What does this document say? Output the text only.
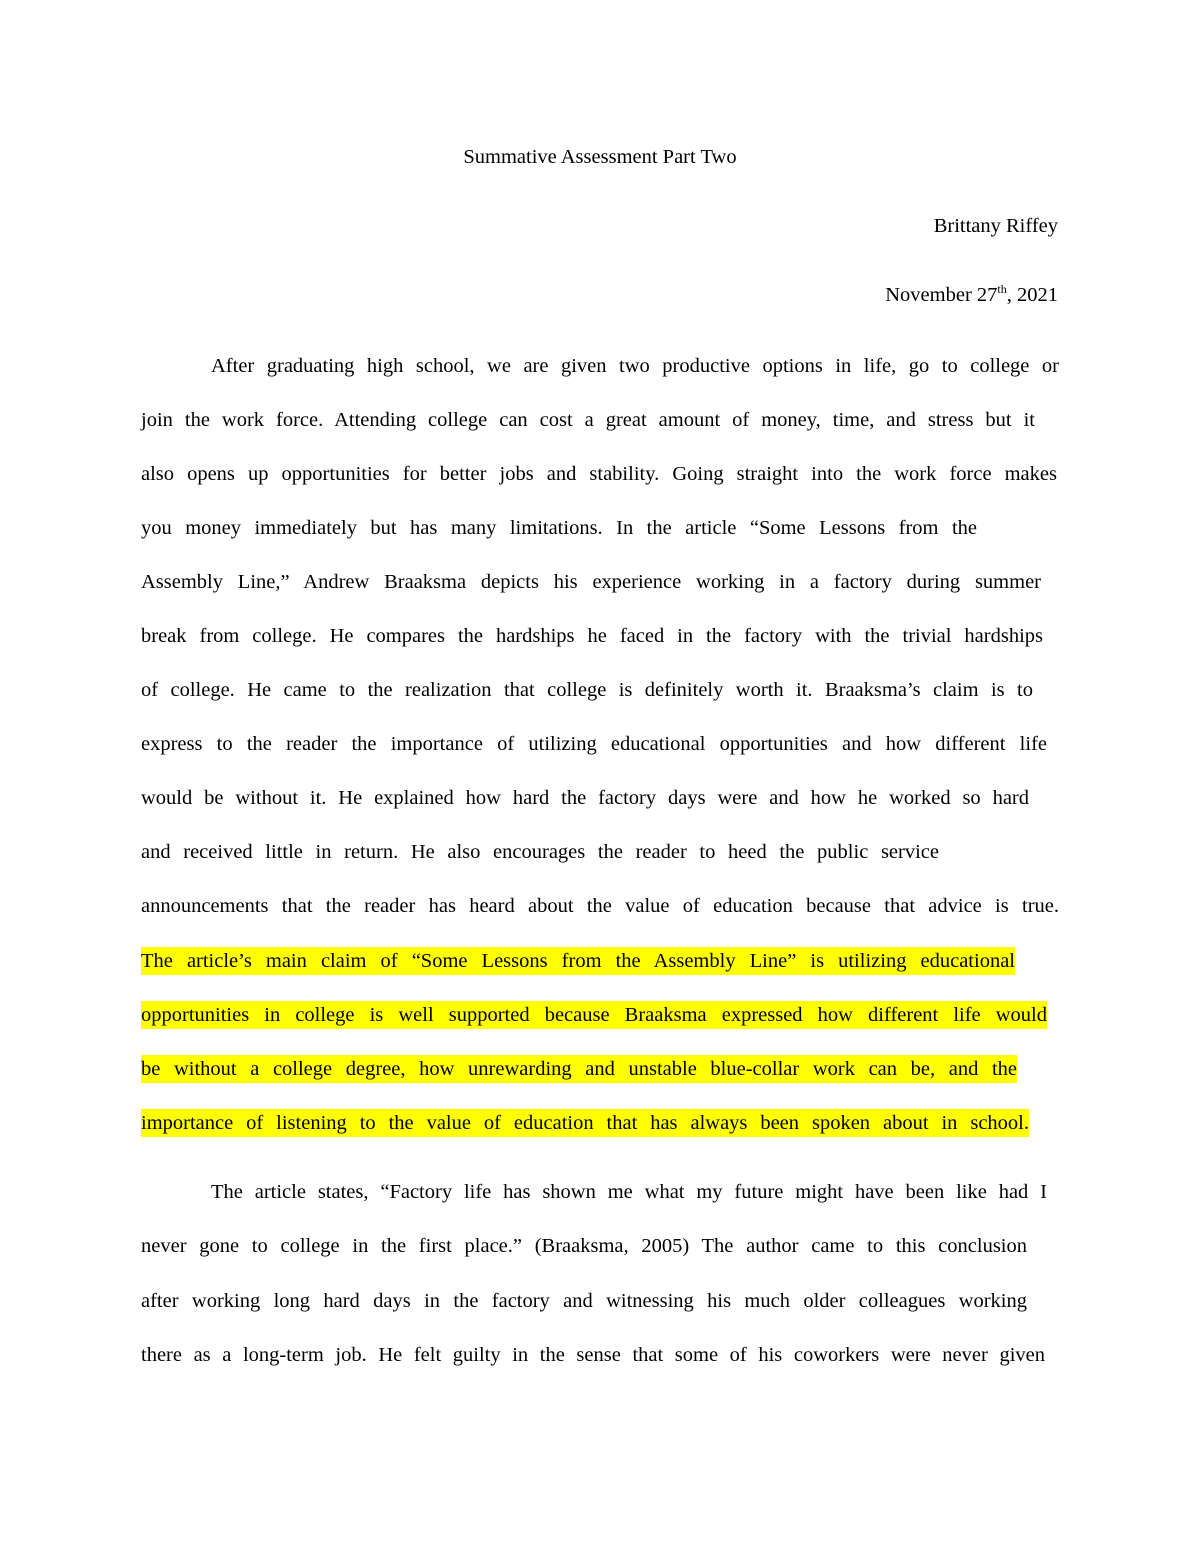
Summative Assessment Part Two
Brittany Riffey
November 27th, 2021
After graduating high school, we are given two productive options in life, go to college or
join the work force. Attending college can cost a great amount of money, time, and stress but it
also opens up opportunities for better jobs and stability. Going straight into the work force makes
you money immediately but has many limitations. In the article “Some Lessons from the
Assembly Line,” Andrew Braaksma depicts his experience working in a factory during summer
break from college. He compares the hardships he faced in the factory with the trivial hardships
of college. He came to the realization that college is definitely worth it. Braaksma’s claim is to
express to the reader the importance of utilizing educational opportunities and how different life
would be without it. He explained how hard the factory days were and how he worked so hard
and received little in return. He also encourages the reader to heed the public service
announcements that the reader has heard about the value of education because that advice is true.
The article’s main claim of “Some Lessons from the Assembly Line” is utilizing educational
opportunities in college is well supported because Braaksma expressed how different life would
be without a college degree, how unrewarding and unstable blue-collar work can be, and the
importance of listening to the value of education that has always been spoken about in school.
The article states, “Factory life has shown me what my future might have been like had I
never gone to college in the first place.” (Braaksma, 2005) The author came to this conclusion
after working long hard days in the factory and witnessing his much older colleagues working
there as a long-term job. He felt guilty in the sense that some of his coworkers were never given
